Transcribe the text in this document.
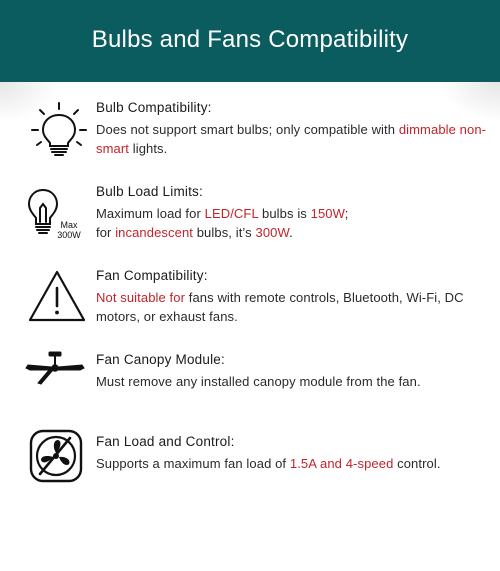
Bulbs and Fans Compatibility

Bulb Compatibility:

Does not support smart bulbs; only compatible with dimmable non-smart lights.

Max
300W

Bulb Load Limits:

Maximum load for LED/CFL bulbs is 150W;
for incandescent bulbs, it’s 300W.

Fan Compatibility:

Not suitable for fans with remote controls, Bluetooth, Wi-Fi, DC motors, or exhaust fans.

Fan Canopy Module:

Must remove any installed canopy module from the fan.

Fan Load and Control:

Supports a maximum fan load of 1.5A and 4-speed control.
